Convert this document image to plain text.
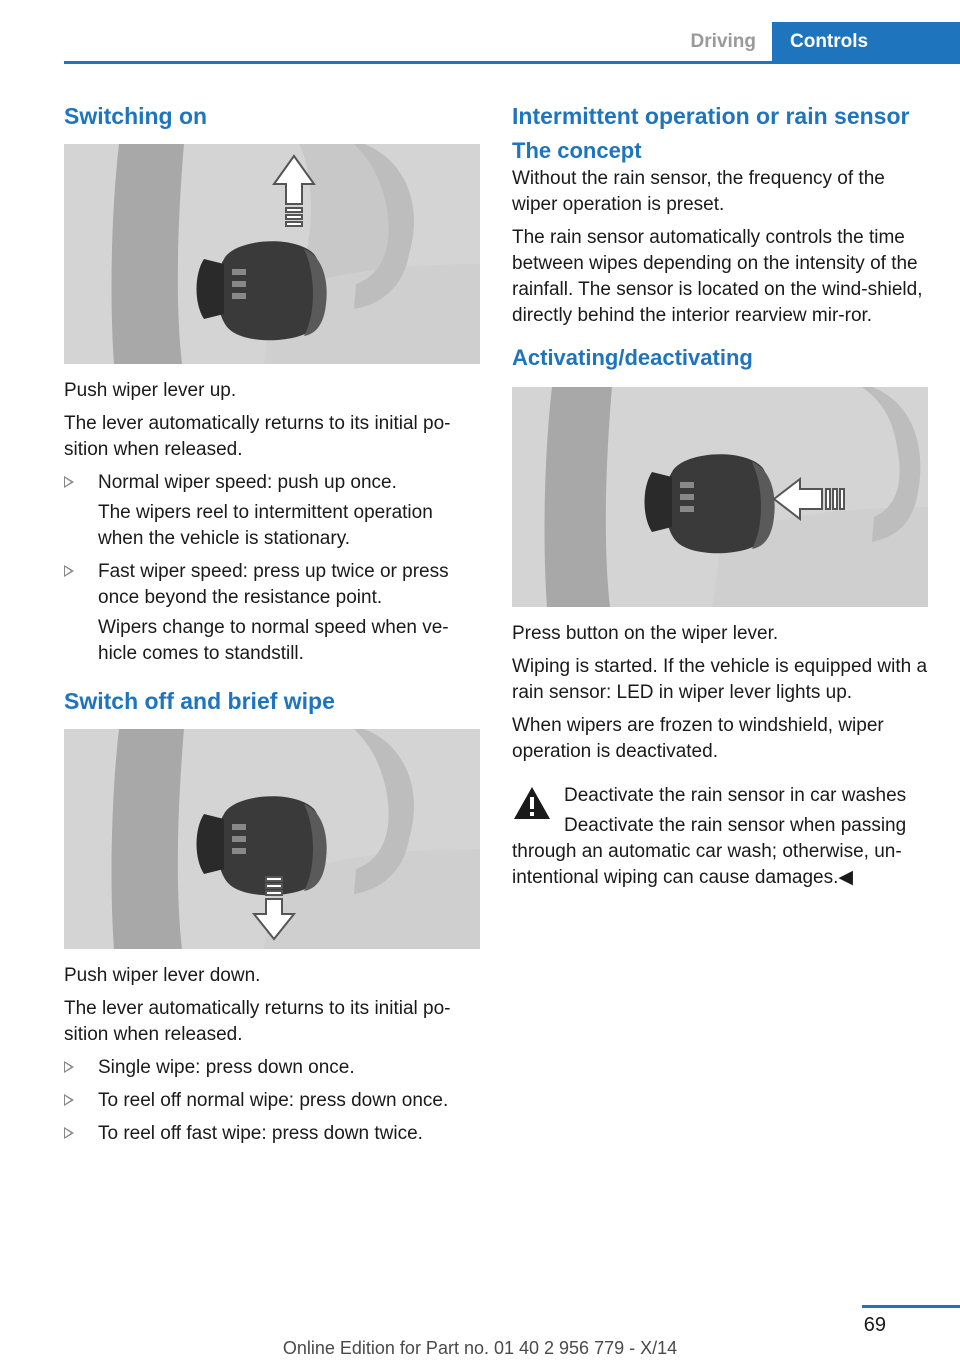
Driving	Controls
Switching on

Push wiper lever up.

The lever automatically returns to its initial po-sition when released.

Normal wiper speed: push up once.

The wipers reel to intermittent operation when the vehicle is stationary.

Fast wiper speed: press up twice or press once beyond the resistance point.

Wipers change to normal speed when ve-hicle comes to standstill.

Switch off and brief wipe

Push wiper lever down.

The lever automatically returns to its initial po-sition when released.

Single wipe: press down once.
To reel off normal wipe: press down once.
To reel off fast wipe: press down twice.
Intermittent operation or rain sensor
The concept

Without the rain sensor, the frequency of the wiper operation is preset.

The rain sensor automatically controls the time between wipes depending on the intensity of the rainfall. The sensor is located on the wind-shield, directly behind the interior rearview mir-ror.

Activating/deactivating

Press button on the wiper lever.

Wiping is started. If the vehicle is equipped with a rain sensor: LED in wiper lever lights up.

When wipers are frozen to windshield, wiper operation is deactivated.

Deactivate the rain sensor in car washes

Deactivate the rain sensor when passing through an automatic car wash; otherwise, un-intentional wiping can cause damages.◀

69
Online Edition for Part no. 01 40 2 956 779 - X/14
